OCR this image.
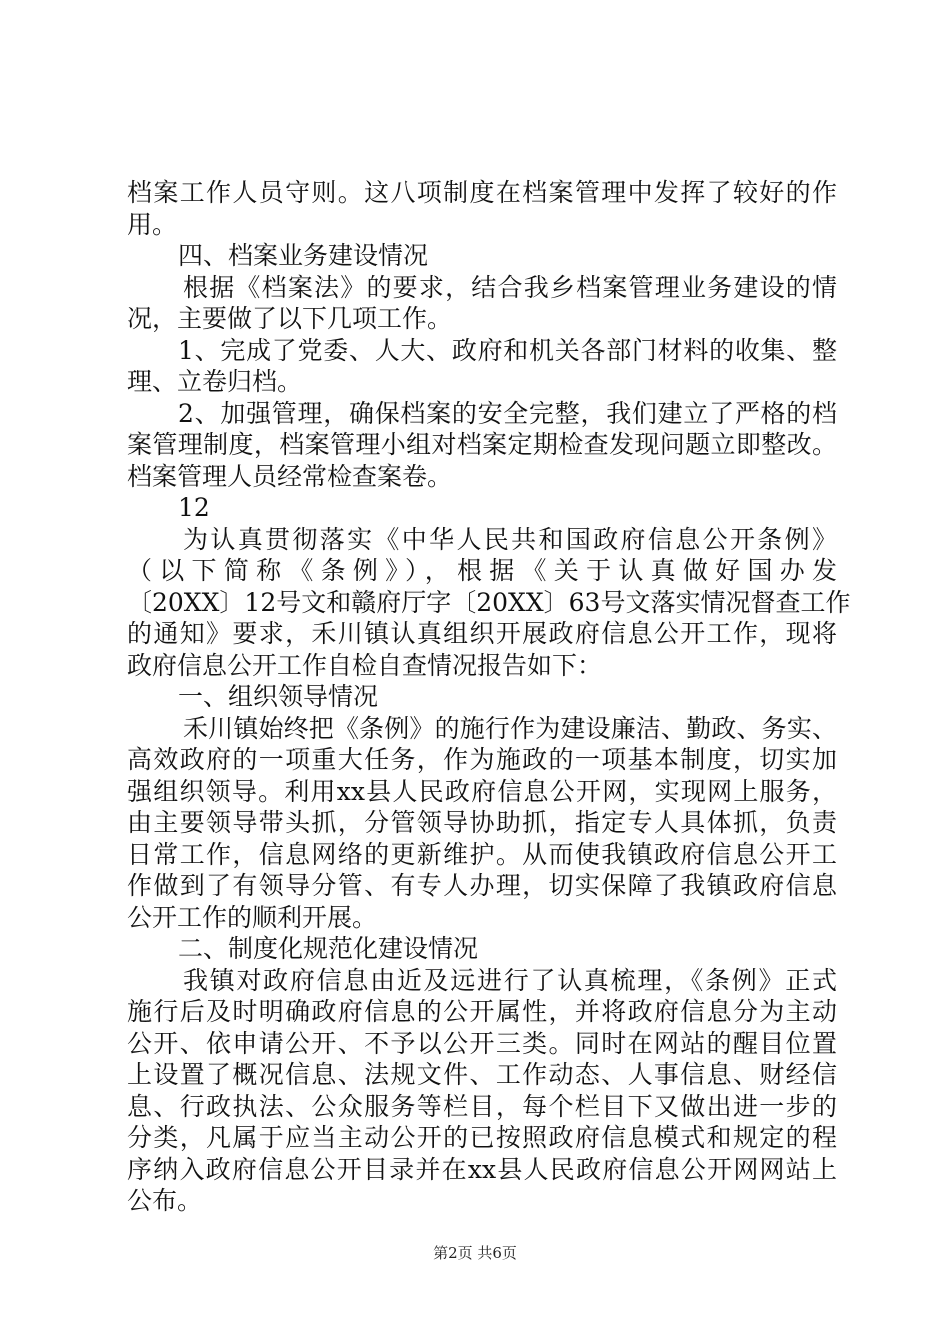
档案工作人员守则。这八项制度在档案管理中发挥了较好的作
用。
四、档案业务建设情况
根据《档案法》的要求，结合我乡档案管理业务建设的情
况，主要做了以下几项工作。
1、完成了党委、人大、政府和机关各部门材料的收集、整
理、立卷归档。
2、加强管理，确保档案的安全完整，我们建立了严格的档
案管理制度，档案管理小组对档案定期检查发现问题立即整改。
档案管理人员经常检查案卷。
12
为认真贯彻落实《中华人民共和国政府信息公开条例》
（以下简称《条例》），根据《关于认真做好国办发
〔20XX〕12号文和赣府厅字〔20XX〕63号文落实情况督查工作
的通知》要求，禾川镇认真组织开展政府信息公开工作，现将
政府信息公开工作自检自查情况报告如下：
一、组织领导情况
禾川镇始终把《条例》的施行作为建设廉洁、勤政、务实、
高效政府的一项重大任务，作为施政的一项基本制度，切实加
强组织领导。利用xx县人民政府信息公开网，实现网上服务，
由主要领导带头抓，分管领导协助抓，指定专人具体抓，负责
日常工作，信息网络的更新维护。从而使我镇政府信息公开工
作做到了有领导分管、有专人办理，切实保障了我镇政府信息
公开工作的顺利开展。
二、制度化规范化建设情况
我镇对政府信息由近及远进行了认真梳理，《条例》正式
施行后及时明确政府信息的公开属性，并将政府信息分为主动
公开、依申请公开、不予以公开三类。同时在网站的醒目位置
上设置了概况信息、法规文件、工作动态、人事信息、财经信
息、行政执法、公众服务等栏目，每个栏目下又做出进一步的
分类，凡属于应当主动公开的已按照政府信息模式和规定的程
序纳入政府信息公开目录并在xx县人民政府信息公开网网站上
公布。
第2页 共6页
